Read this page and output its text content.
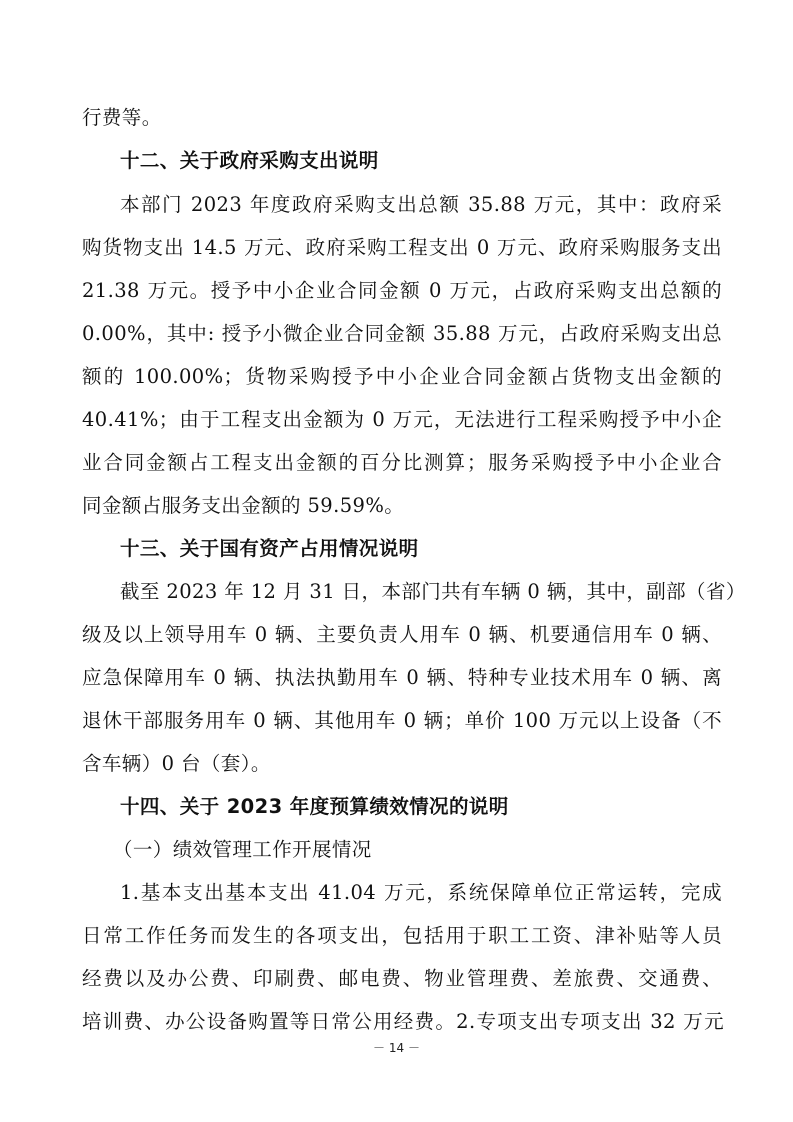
行费等。
十二、关于政府采购支出说明
本部门 2023 年度政府采购支出总额 35.88 万元，其中：政府采
购货物支出 14.5 万元、政府采购工程支出 0 万元、政府采购服务支出
21.38 万元。授予中小企业合同金额 0 万元，占政府采购支出总额的
0.00%，其中: 授予小微企业合同金额 35.88 万元，占政府采购支出总
额的 100.00%；货物采购授予中小企业合同金额占货物支出金额的
40.41%；由于工程支出金额为 0 万元，无法进行工程采购授予中小企
业合同金额占工程支出金额的百分比测算；服务采购授予中小企业合
同金额占服务支出金额的 59.59%。
十三、关于国有资产占用情况说明
截至 2023 年 12 月 31 日，本部门共有车辆 0 辆，其中，副部（省）
级及以上领导用车 0 辆、主要负责人用车 0 辆、机要通信用车 0 辆、
应急保障用车 0 辆、执法执勤用车 0 辆、特种专业技术用车 0 辆、离
退休干部服务用车 0 辆、其他用车 0 辆；单价 100 万元以上设备（不
含车辆）0 台（套）。
十四、关于 2023 年度预算绩效情况的说明
（一）绩效管理工作开展情况
1.基本支出基本支出 41.04 万元，系统保障单位正常运转，完成
日常工作任务而发生的各项支出，包括用于职工工资、津补贴等人员
经费以及办公费、印刷费、邮电费、物业管理费、差旅费、交通费、
培训费、办公设备购置等日常公用经费。2.专项支出专项支出 32 万元
－ 14 －
